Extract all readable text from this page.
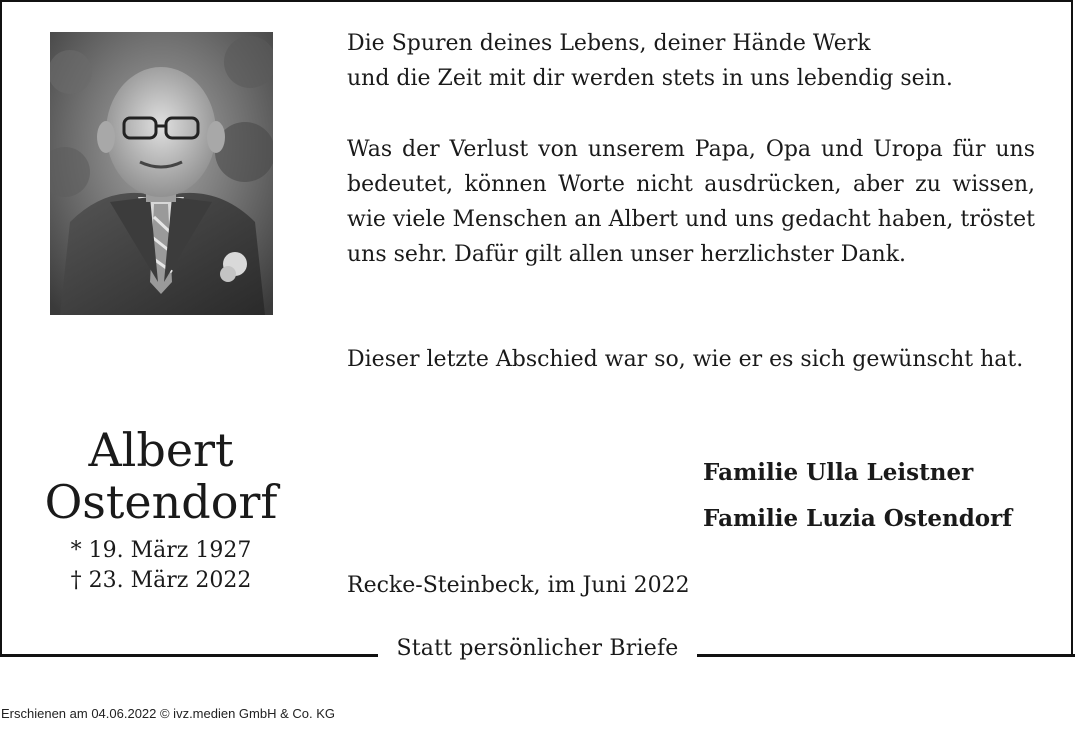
Statt persönlicher Briefe
Albert
Ostendorf
* 19. März 1927
† 23. März 2022
Die Spuren deines Lebens, deiner Hände Werk
und die Zeit mit dir werden stets in uns lebendig sein.
Was der Verlust von unserem Papa, Opa und Uropa für uns bedeutet, können Worte nicht ausdrücken, aber zu wissen, wie viele Menschen an Albert und uns gedacht haben, tröstet uns sehr. Dafür gilt allen unser herzlichster Dank.
Dieser letzte Abschied war so, wie er es sich gewünscht hat.
Familie Ulla Leistner
Familie Luzia Ostendorf
Recke-Steinbeck, im Juni 2022
Erschienen am 04.06.2022 © ivz.medien GmbH & Co. KG
